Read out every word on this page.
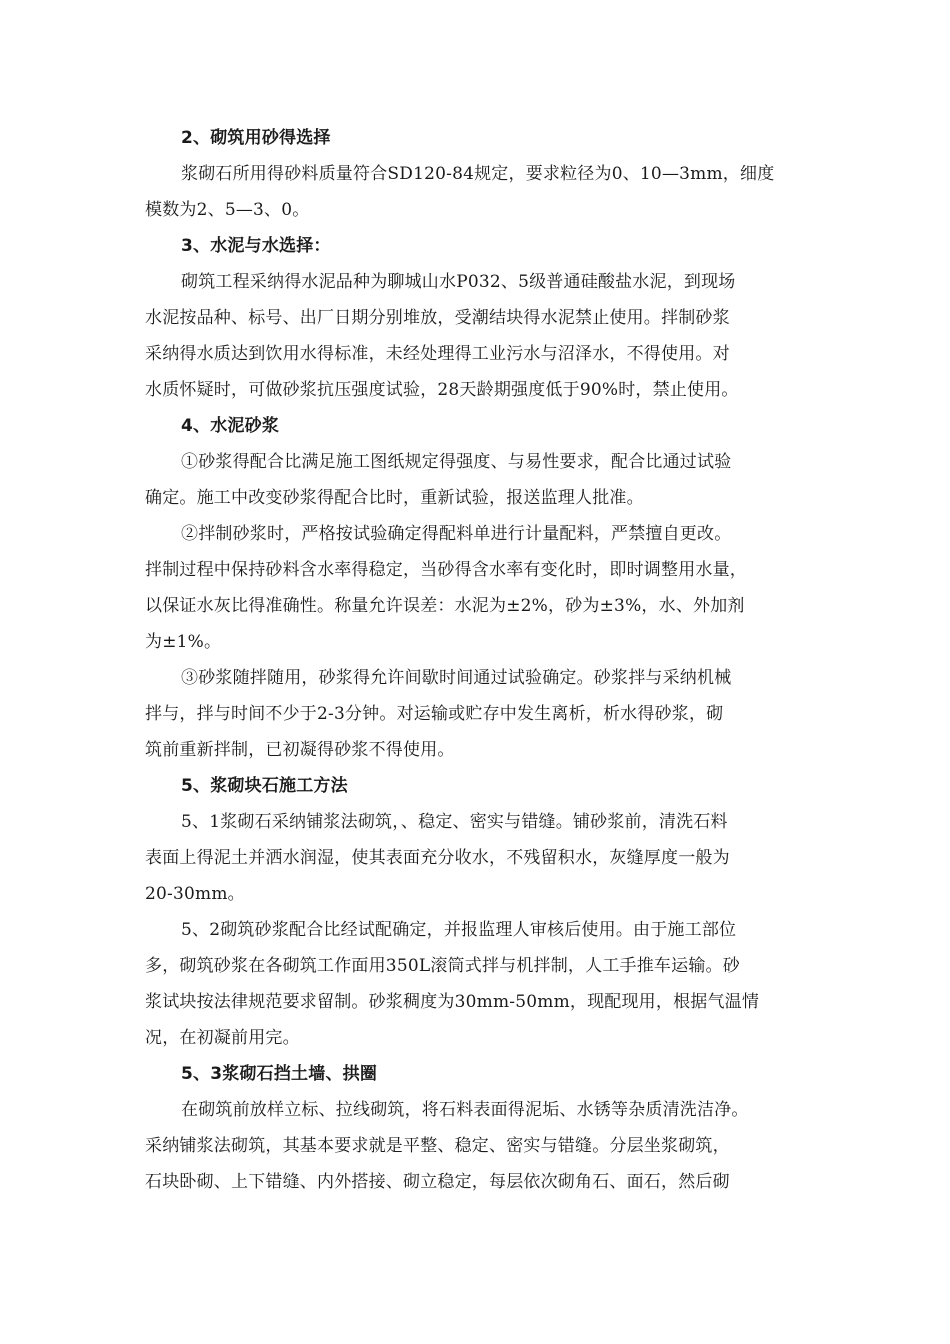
2、砌筑用砂得选择
浆砌石所用得砂料质量符合SD120-84规定，要求粒径为0、10—3mm，细度
模数为2、5—3、0。
3、水泥与水选择：
砌筑工程采纳得水泥品种为聊城山水P032、5级普通硅酸盐水泥，到现场
水泥按品种、标号、出厂日期分别堆放，受潮结块得水泥禁止使用。拌制砂浆
采纳得水质达到饮用水得标准，未经处理得工业污水与沼泽水，不得使用。对
水质怀疑时，可做砂浆抗压强度试验，28天龄期强度低于90%时，禁止使用。
4、水泥砂浆
①砂浆得配合比满足施工图纸规定得强度、与易性要求，配合比通过试验
确定。施工中改变砂浆得配合比时，重新试验，报送监理人批准。
②拌制砂浆时，严格按试验确定得配料单进行计量配料，严禁擅自更改。
拌制过程中保持砂料含水率得稳定，当砂得含水率有变化时，即时调整用水量，
以保证水灰比得准确性。称量允许误差：水泥为±2%，砂为±3%，水、外加剂
为±1%。
③砂浆随拌随用，砂浆得允许间歇时间通过试验确定。砂浆拌与采纳机械
拌与，拌与时间不少于2-3分钟。对运输或贮存中发生离析，析水得砂浆，砌
筑前重新拌制，已初凝得砂浆不得使用。
5、浆砌块石施工方法
5、1浆砌石采纳铺浆法砌筑，、稳定、密实与错缝。铺砂浆前，清洗石料
表面上得泥土并洒水润湿，使其表面充分收水，不残留积水，灰缝厚度一般为
20-30mm。
5、2砌筑砂浆配合比经试配确定，并报监理人审核后使用。由于施工部位
多，砌筑砂浆在各砌筑工作面用350L滚筒式拌与机拌制，人工手推车运输。砂
浆试块按法律规范要求留制。砂浆稠度为30mm-50mm，现配现用，根据气温情
况，在初凝前用完。
5、3浆砌石挡土墙、拱圈
在砌筑前放样立标、拉线砌筑，将石料表面得泥垢、水锈等杂质清洗洁净。
采纳铺浆法砌筑，其基本要求就是平整、稳定、密实与错缝。分层坐浆砌筑，
石块卧砌、上下错缝、内外搭接、砌立稳定，每层依次砌角石、面石，然后砌
